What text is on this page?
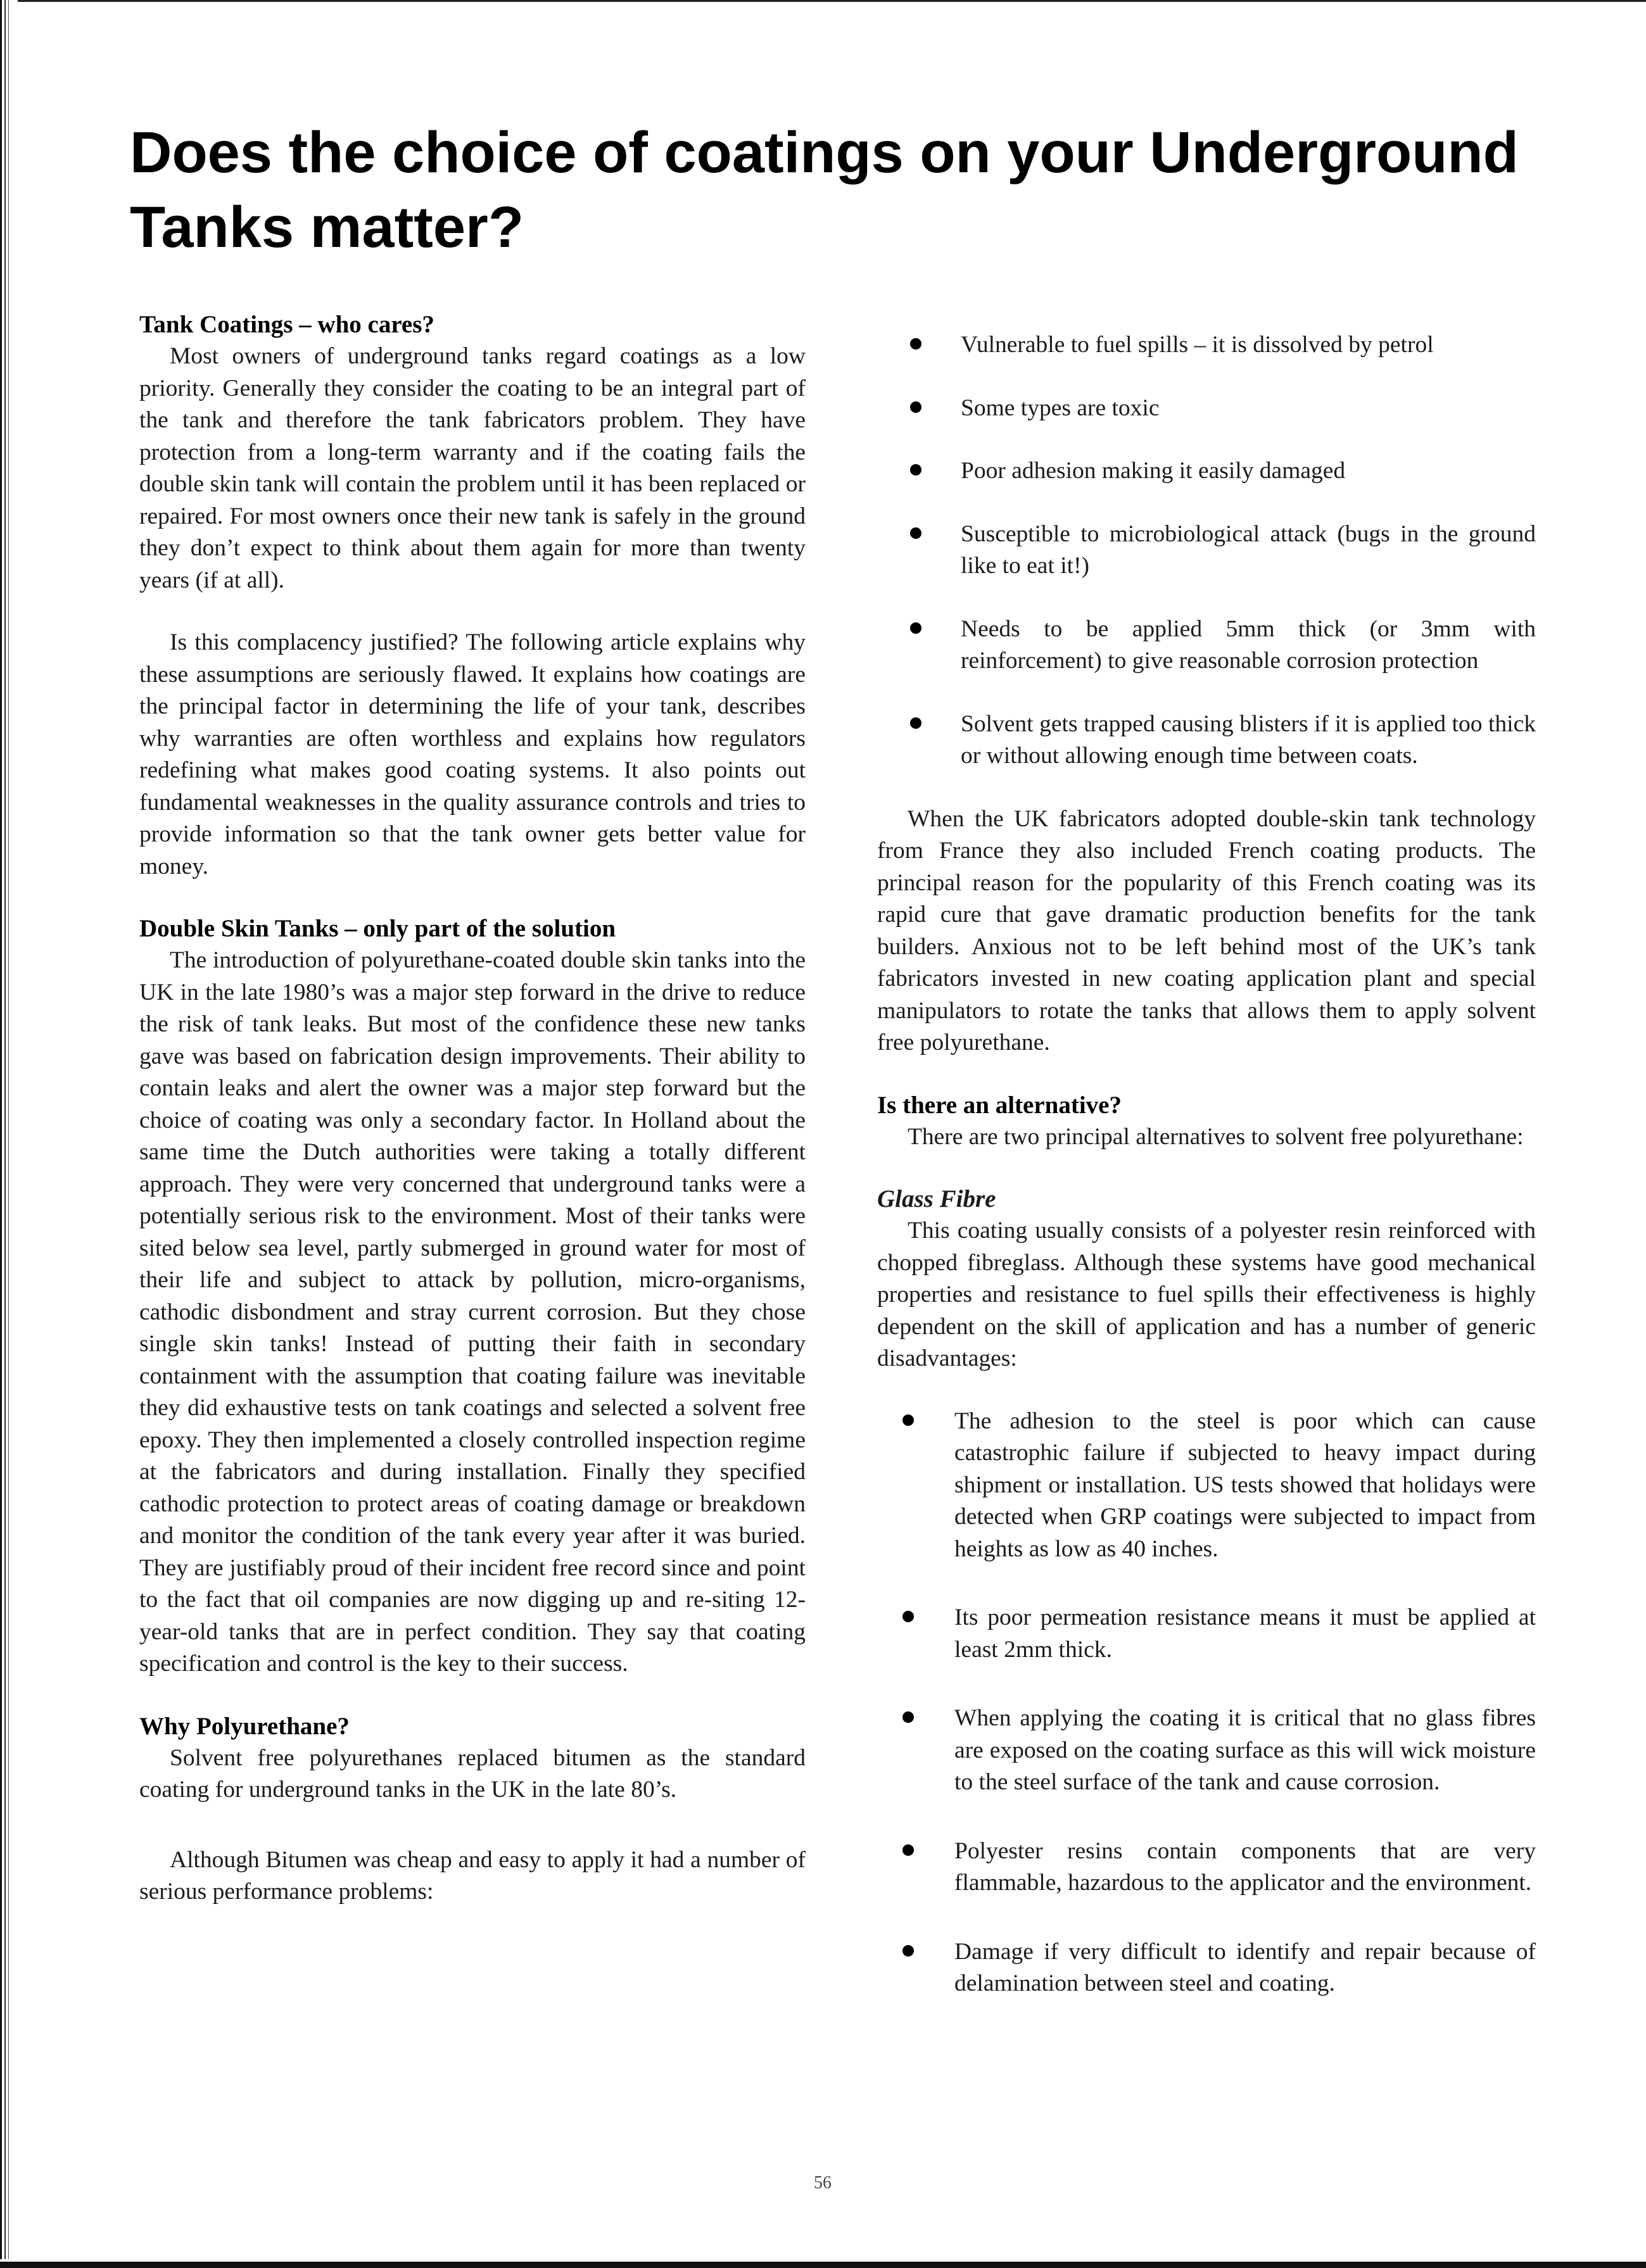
Does the choice of coatings on your Underground Tanks matter?
Tank Coatings – who cares?

Most owners of underground tanks regard coatings as a low priority. Generally they consider the coating to be an integral part of the tank and therefore the tank fabricators problem. They have protection from a long-term warranty and if the coating fails the double skin tank will contain the problem until it has been replaced or repaired. For most owners once their new tank is safely in the ground they don’t expect to think about them again for more than twenty years (if at all).

Is this complacency justified? The following article explains why these assumptions are seriously flawed. It explains how coatings are the principal factor in determining the life of your tank, describes why warranties are often worthless and explains how regulators redefining what makes good coating systems. It also points out fundamental weaknesses in the quality assurance controls and tries to provide information so that the tank owner gets better value for money.

Double Skin Tanks – only part of the solution

The introduction of polyurethane-coated double skin tanks into the UK in the late 1980’s was a major step forward in the drive to reduce the risk of tank leaks. But most of the confidence these new tanks gave was based on fabrication design improvements. Their ability to contain leaks and alert the owner was a major step forward but the choice of coating was only a secondary factor. In Holland about the same time the Dutch authorities were taking a totally different approach. They were very concerned that underground tanks were a potentially serious risk to the environment. Most of their tanks were sited below sea level, partly submerged in ground water for most of their life and subject to attack by pollution, micro-organisms, cathodic disbondment and stray current corrosion. But they chose single skin tanks! Instead of putting their faith in secondary containment with the assumption that coating failure was inevitable they did exhaustive tests on tank coatings and selected a solvent free epoxy. They then implemented a closely controlled inspection regime at the fabricators and during installation. Finally they specified cathodic protection to protect areas of coating damage or breakdown and monitor the condition of the tank every year after it was buried. They are justifiably proud of their incident free record since and point to the fact that oil companies are now digging up and re-siting 12-year-old tanks that are in perfect condition. They say that coating specification and control is the key to their success.

Why Polyurethane?

Solvent free polyurethanes replaced bitumen as the standard coating for underground tanks in the UK in the late 80’s.

Although Bitumen was cheap and easy to apply it had a number of serious performance problems:

Vulnerable to fuel spills – it is dissolved by petrol
Some types are toxic
Poor adhesion making it easily damaged
Susceptible to microbiological attack (bugs in the ground like to eat it!)
Needs to be applied 5mm thick (or 3mm with reinforcement) to give reasonable corrosion protection
Solvent gets trapped causing blisters if it is applied too thick or without allowing enough time between coats.

When the UK fabricators adopted double-skin tank technology from France they also included French coating products. The principal reason for the popularity of this French coating was its rapid cure that gave dramatic production benefits for the tank builders. Anxious not to be left behind most of the UK’s tank fabricators invested in new coating application plant and special manipulators to rotate the tanks that allows them to apply solvent free polyurethane.

Is there an alternative?

There are two principal alternatives to solvent free polyurethane:

Glass Fibre

This coating usually consists of a polyester resin reinforced with chopped fibreglass. Although these systems have good mechanical properties and resistance to fuel spills their effectiveness is highly dependent on the skill of application and has a number of generic disadvantages:

The adhesion to the steel is poor which can cause catastrophic failure if subjected to heavy impact during shipment or installation. US tests showed that holidays were detected when GRP coatings were subjected to impact from heights as low as 40 inches.
Its poor permeation resistance means it must be applied at least 2mm thick.
When applying the coating it is critical that no glass fibres are exposed on the coating surface as this will wick moisture to the steel surface of the tank and cause corrosion.
Polyester resins contain components that are very flammable, hazardous to the applicator and the environment.
Damage if very difficult to identify and repair because of delamination between steel and coating.
56
